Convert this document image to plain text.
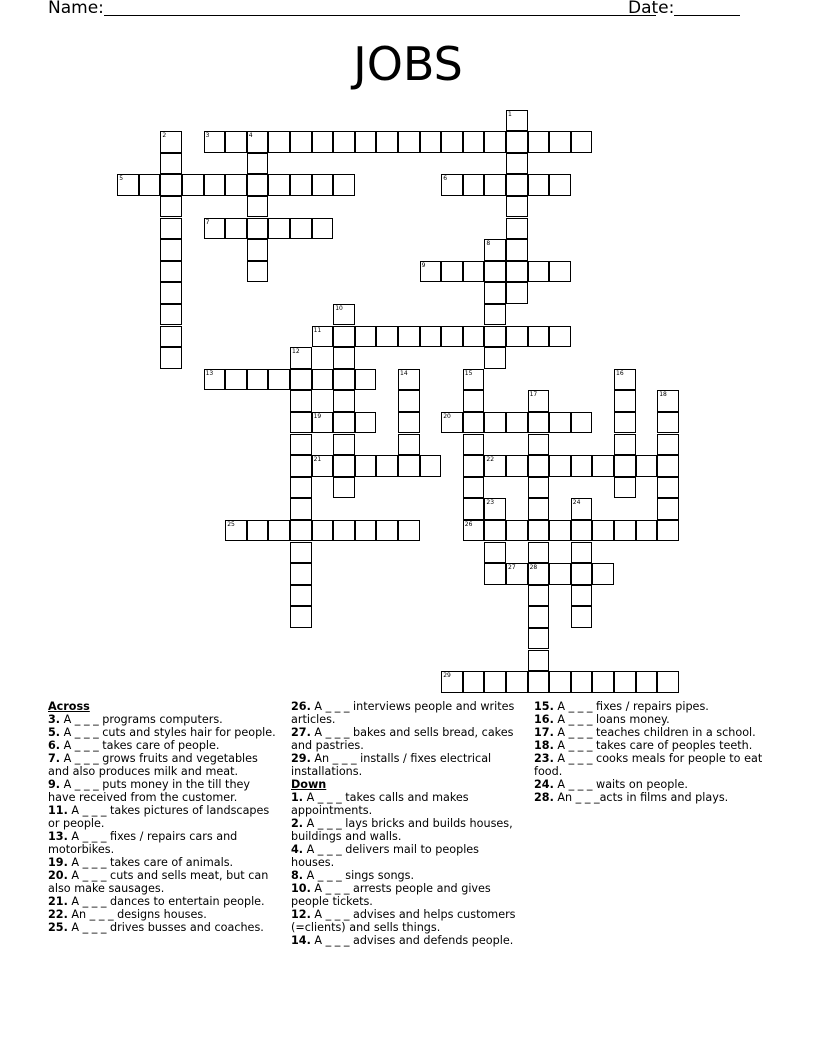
Name:	Date:
JOBS
1
2	3	4
5	6
7
8
9
10
11
12
13	14	15	16
17
28
18
19	20
21	22
23	24
25	26
27
29
Across
3. A _ _ _ programs computers.
5. A _ _ _ cuts and styles hair for people.
6. A _ _ _ takes care of people.
7. A _ _ _ grows fruits and vegetables and also produces milk and meat.
9. A _ _ _ puts money in the till they have received from the customer.
11. A _ _ _ takes pictures of landscapes or people.
13. A _ _ _ fixes / repairs cars and motorbikes.
19. A _ _ _ takes care of animals.
20. A _ _ _ cuts and sells meat, but can also make sausages.
21. A _ _ _ dances to entertain people.
22. An _ _ _ designs houses.
25. A _ _ _ drives busses and coaches.
26. A _ _ _ interviews people and writes articles.
27. A _ _ _ bakes and sells bread, cakes and pastries.
29. An _ _ _ installs / fixes electrical installations.
Down
1. A _ _ _ takes calls and makes appointments.
2. A _ _ _ lays bricks and builds houses, buildings and walls.
4. A _ _ _ delivers mail to peoples houses.
8. A _ _ _ sings songs.
10. A _ _ _ arrests people and gives people tickets.
12. A _ _ _ advises and helps customers (=clients) and sells things.
14. A _ _ _ advises and defends people.
15. A _ _ _ fixes / repairs pipes.
16. A _ _ _ loans money.
17. A _ _ _ teaches children in a school.
18. A _ _ _ takes care of peoples teeth.
23. A _ _ _ cooks meals for people to eat food.
24. A _ _ _ waits on people.
28. An _ _ _acts in films and plays.
